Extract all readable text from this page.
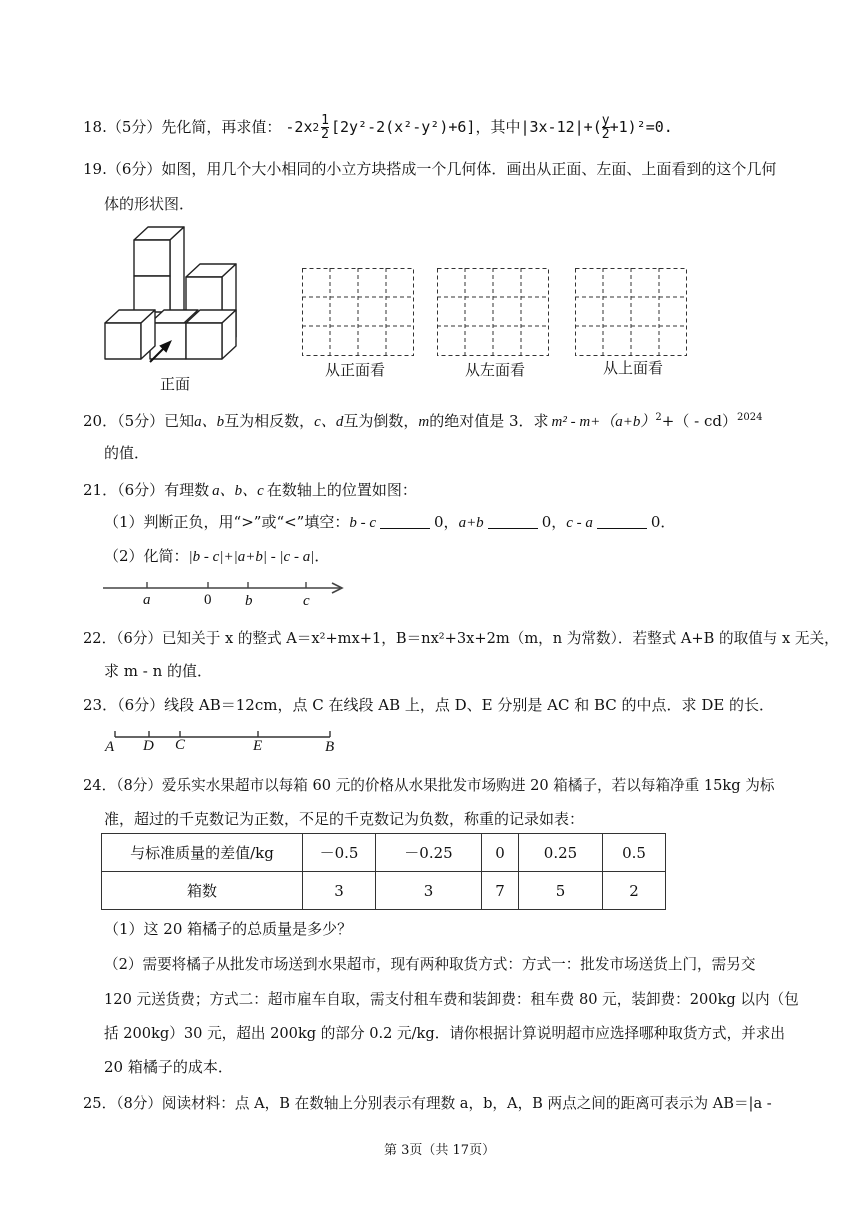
18.（5分）先化简，再求值： -2x $2 \frac{1}{2} [2y^2-2(x^2-y^2)+6]$ ，其中 $|3x-12|+( \frac{y}{2} +1)^2=0$.
19.（6分）如图，用几个大小相同的小立方块搭成一个几何体．画出从正面、左面、上面看到的这个几何
体的形状图．
正面
从正面看	从左面看	从上面看
20．（5分）已知a、b互为相反数，c、d互为倒数，m的绝对值是 3．求 $m^2 - m+(a+b)^2+( - cd)^{2024}$
的值．
21．（6分）有理数 a、b、c 在数轴上的位置如图：
（1）判断正负，用“>”或“<”填空：b - c	0，a+b	0，c - a	0．
（2）化简：|b - c|+|a+b| - |c - a|．
a	0 b	c
22．（6分）已知关于 x 的整式 A＝x²+mx+1，B＝nx²+3x+2m（m，n 为常数）．若整式 A+B 的取值与 x 无关，
求 m - n 的值．
23．（6分）线段 AB＝12cm，点 C 在线段 AB 上，点 D、E 分别是 AC 和 BC 的中点．求 DE 的长．
A D C	E	B
24．（8分）爱乐实水果超市以每箱 60 元的价格从水果批发市场购进 20 箱橘子，若以每箱净重 15kg 为标
准，超过的千克数记为正数，不足的千克数记为负数，称重的记录如表：
与标准质量的差值/kg	－0.5	－0.25	0	0.25	0.5
箱数	3	3	7	5	2
（1）这 20 箱橘子的总质量是多少？
（2）需要将橘子从批发市场送到水果超市，现有两种取货方式：方式一：批发市场送货上门，需另交
120 元送货费；方式二：超市雇车自取，需支付租车费和装卸费：租车费 80 元，装卸费：200kg 以内（包
括 200kg）30 元，超出 200kg 的部分 0.2 元/kg．请你根据计算说明超市应选择哪种取货方式，并求出
20 箱橘子的成本．
25．（8分）阅读材料：点 A，B 在数轴上分别表示有理数 a，b，A，B 两点之间的距离可表示为 AB＝|a -
第 3页（共 17页）
